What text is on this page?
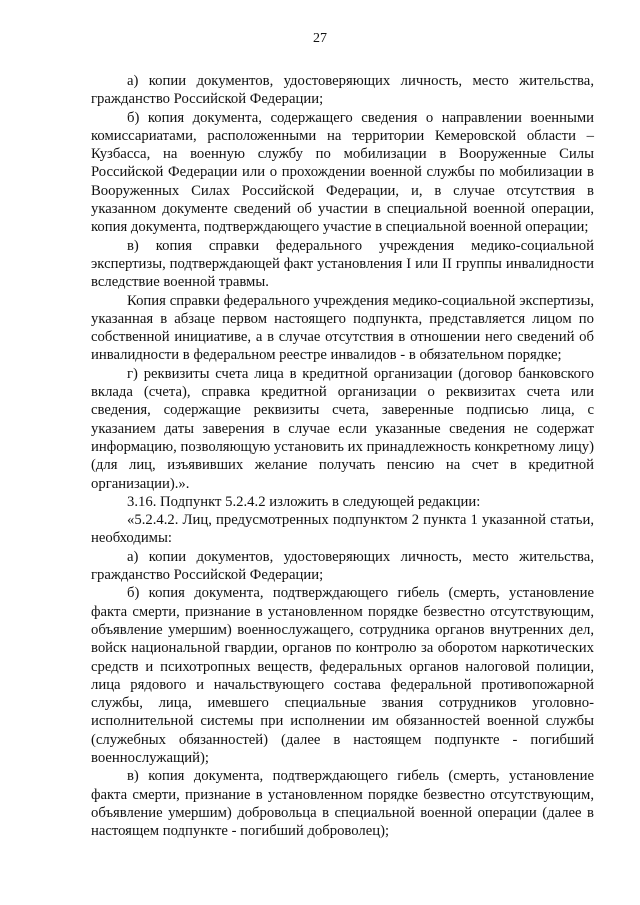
27

а) копии документов, удостоверяющих личность, место жительства, гражданство Российской Федерации;

б) копия документа, содержащего сведения о направлении военными комиссариатами, расположенными на территории Кемеровской области – Кузбасса, на военную службу по мобилизации в Вооруженные Силы Российской Федерации или о прохождении военной службы по мобилизации в Вооруженных Силах Российской Федерации, и, в случае отсутствия в указанном документе сведений об участии в специальной военной операции, копия документа, подтверждающего участие в специальной военной операции;

в) копия справки федерального учреждения медико-социальной экспертизы, подтверждающей факт установления I или II группы инвалидности вследствие военной травмы.

Копия справки федерального учреждения медико-социальной экспертизы, указанная в абзаце первом настоящего подпункта, представляется лицом по собственной инициативе, а в случае отсутствия в отношении него сведений об инвалидности в федеральном реестре инвалидов - в обязательном порядке;

г) реквизиты счета лица в кредитной организации (договор банковского вклада (счета), справка кредитной организации о реквизитах счета или сведения, содержащие реквизиты счета, заверенные подписью лица, с указанием даты заверения в случае если указанные сведения не содержат информацию, позволяющую установить их принадлежность конкретному лицу) (для лиц, изъявивших желание получать пенсию на счет в кредитной организации).».

3.16. Подпункт 5.2.4.2 изложить в следующей редакции:

«5.2.4.2. Лиц, предусмотренных подпунктом 2 пункта 1 указанной статьи, необходимы:

а) копии документов, удостоверяющих личность, место жительства, гражданство Российской Федерации;

б) копия документа, подтверждающего гибель (смерть, установление факта смерти, признание в установленном порядке безвестно отсутствующим, объявление умершим) военнослужащего, сотрудника органов внутренних дел, войск национальной гвардии, органов по контролю за оборотом наркотических средств и психотропных веществ, федеральных органов налоговой полиции, лица рядового и начальствующего состава федеральной противопожарной службы, лица, имевшего специальные звания сотрудников уголовно-исполнительной системы при исполнении им обязанностей военной службы (служебных обязанностей) (далее в настоящем подпункте - погибший военнослужащий);

в) копия документа, подтверждающего гибель (смерть, установление факта смерти, признание в установленном порядке безвестно отсутствующим, объявление умершим) добровольца в специальной военной операции (далее в настоящем подпункте - погибший доброволец);
